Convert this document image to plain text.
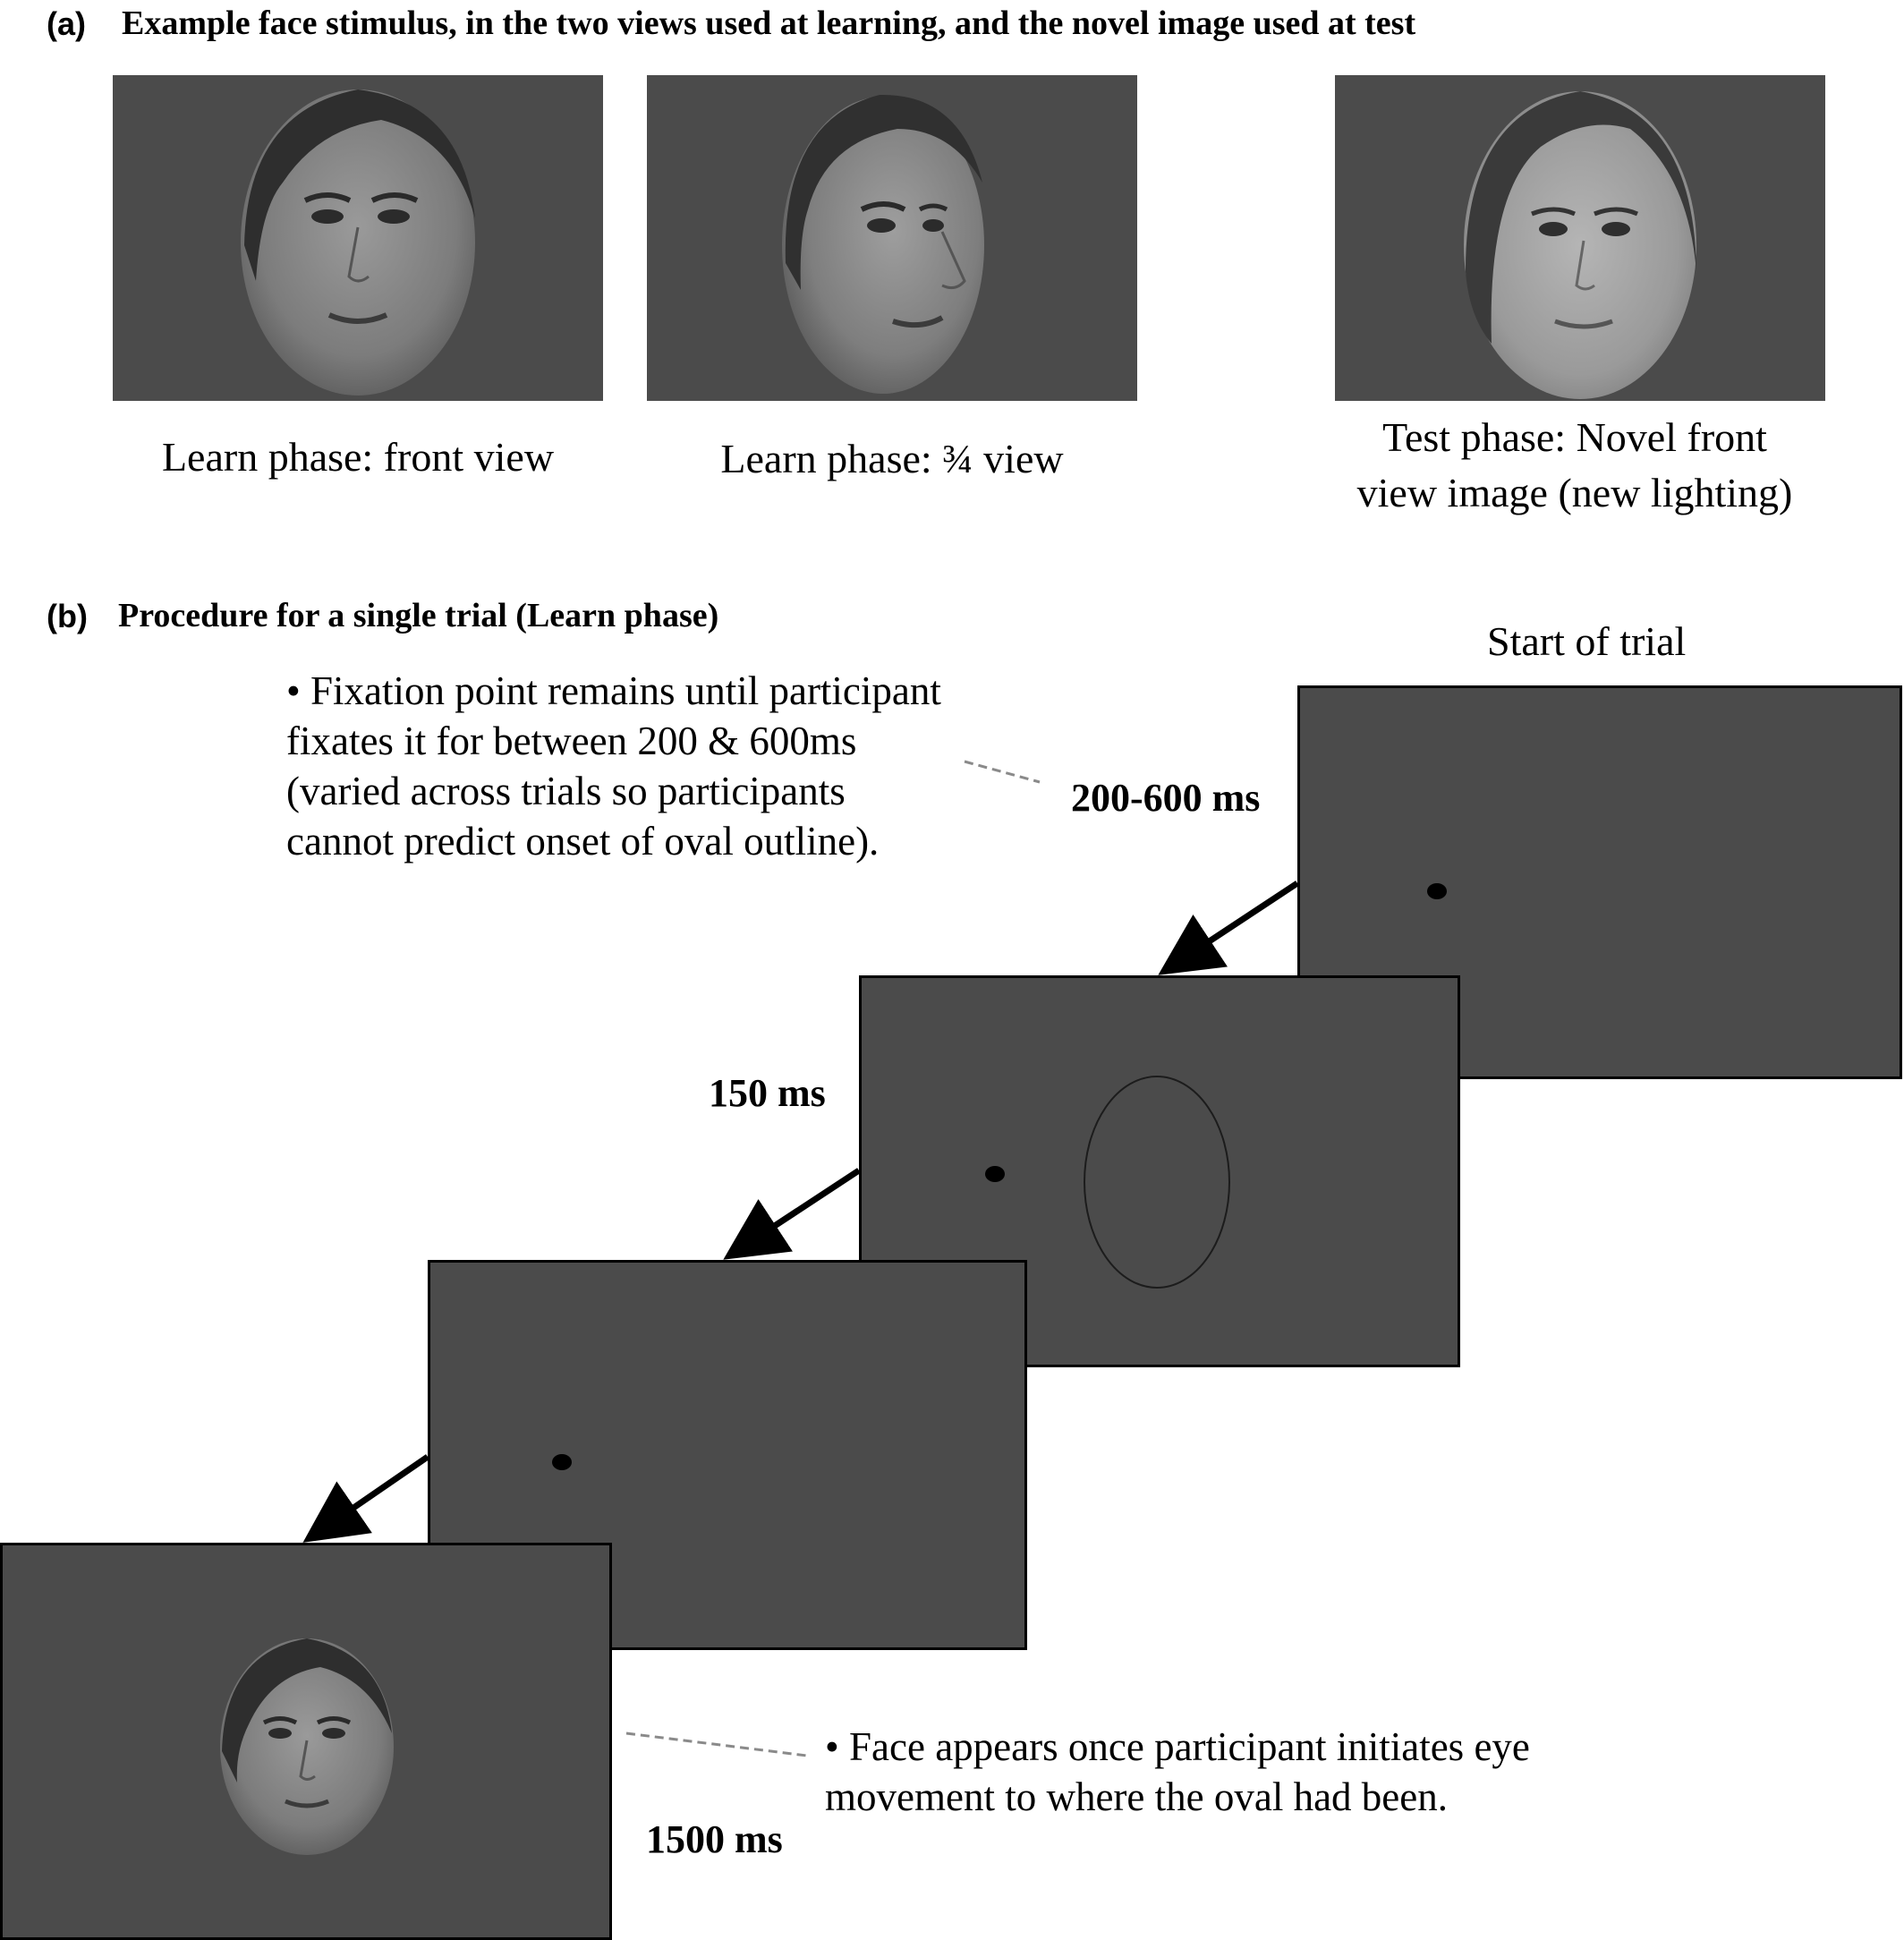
(a) Example face stimulus, in the two views used at learning, and the novel image used at test
Learn phase: front view	Learn phase: ¾ view	Test phase: Novel front
view image (new lighting)
(b) Procedure for a single trial (Learn phase)
Start of trial
• Fixation point remains until participant
fixates it for between 200 & 600ms
(varied across trials so participants
cannot predict onset of oval outline).
200-600 ms
150 ms
1500 ms
• Face appears once participant initiates eye
movement to where the oval had been.
